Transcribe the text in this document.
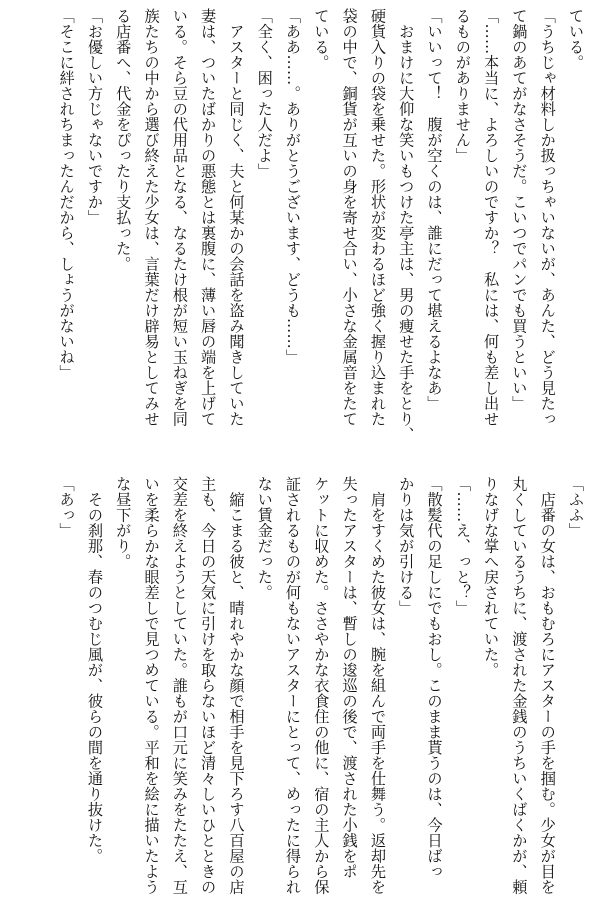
ている。
「うちじゃ材料しか扱っちゃいないが、あんた、どう見たっ
て鍋のあてがなさそうだ。こいつでパンでも買うといい」
「……本当に、よろしいのですか？　私には、何も差し出せ
るものがありません」
「いいって！　腹が空くのは、誰にだって堪えるよなあ」
　おまけに大仰な笑いもつけた亭主は、男の痩せた手をとり、
硬貨入りの袋を乗せた。形状が変わるほど強く握り込まれた
袋の中で、銅貨が互いの身を寄せ合い、小さな金属音をたて
ている。
「ああ……。ありがとうございます、どうも……」
「全く、困った人だよ」
　アスターと同じく、夫と何某かの会話を盗み聞きしていた
妻は、ついたばかりの悪態とは裏腹に、薄い唇の端を上げて
いる。そら豆の代用品となる、なるたけ根が短い玉ねぎを同
族たちの中から選び終えた少女は、言葉だけ辟易としてみせ
る店番へ、代金をぴったり支払った。
「お優しい方じゃないですか」
「そこに絆されちまったんだから、しょうがないね」
「ふふ」
　店番の女は、おもむろにアスターの手を掴む。少女が目を
丸くしているうちに、渡された金銭のうちいくばくかが、頼
りなげな掌へ戻されていた。
「……え、っと？」
「散髪代の足しにでもおし。このまま貰うのは、今日ばっ
かりは気が引ける」
　肩をすくめた彼女は、腕を組んで両手を仕舞う。返却先を
失ったアスターは、暫しの逡巡の後で、渡された小銭をポ
ケットに収めた。ささやかな衣食住の他に、宿の主人から保
証されるものが何もないアスターにとって、めったに得られ
ない賃金だった。
　縮こまる彼と、晴れやかな顔で相手を見下ろす八百屋の店
主も、今日の天気に引けを取らないほど清々しいひとときの
交差を終えようとしていた。誰もが口元に笑みをたたえ、互
いを柔らかな眼差しで見つめている。平和を絵に描いたよう
な昼下がり。
　その刹那、春のつむじ風が、彼らの間を通り抜けた。
「あっ」
